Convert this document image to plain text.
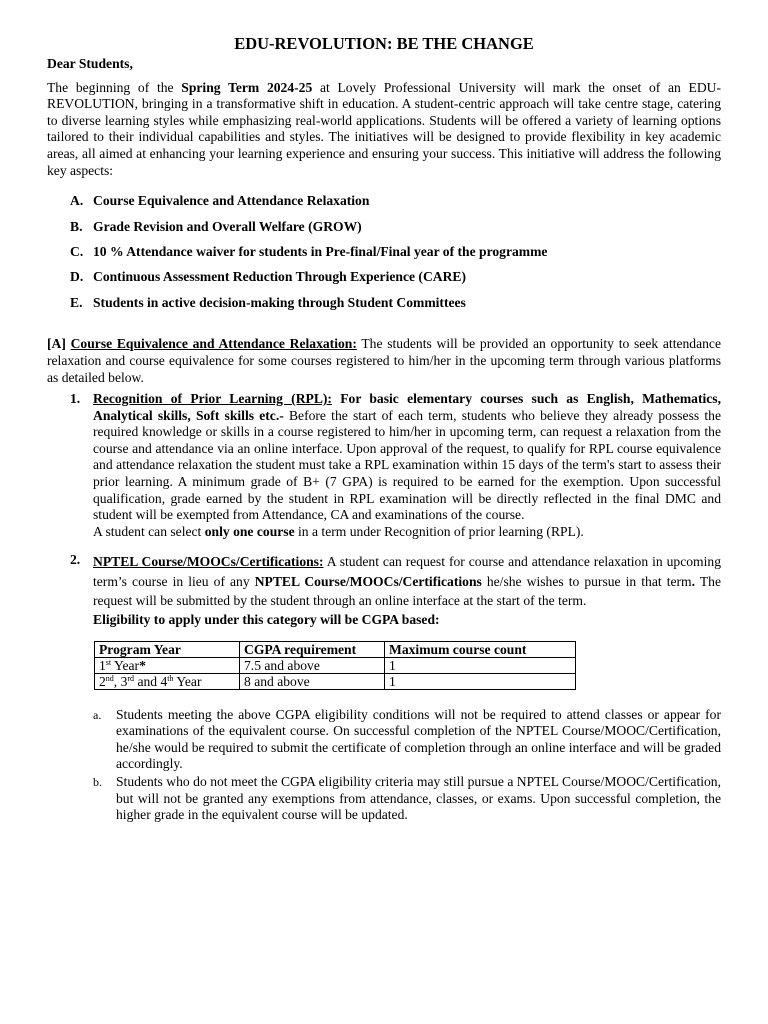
EDU-REVOLUTION: BE THE CHANGE
Dear Students,

The beginning of the Spring Term 2024-25 at Lovely Professional University will mark the onset of an EDU-REVOLUTION, bringing in a transformative shift in education. A student-centric approach will take centre stage, catering to diverse learning styles while emphasizing real-world applications. Students will be offered a variety of learning options tailored to their individual capabilities and styles. The initiatives will be designed to provide flexibility in key academic areas, all aimed at enhancing your learning experience and ensuring your success. This initiative will address the following key aspects:

A. Course Equivalence and Attendance Relaxation
B. Grade Revision and Overall Welfare (GROW)
C. 10 % Attendance waiver for students in Pre-final/Final year of the programme
D. Continuous Assessment Reduction Through Experience (CARE)
E. Students in active decision-making through Student Committees

[A] Course Equivalence and Attendance Relaxation: The students will be provided an opportunity to seek attendance relaxation and course equivalence for some courses registered to him/her in the upcoming term through various platforms as detailed below.

1. Recognition of Prior Learning (RPL): For basic elementary courses such as English, Mathematics, Analytical skills, Soft skills etc.- Before the start of each term, students who believe they already possess the required knowledge or skills in a course registered to him/her in upcoming term, can request a relaxation from the course and attendance via an online interface. Upon approval of the request, to qualify for RPL course equivalence and attendance relaxation the student must take a RPL examination within 15 days of the term's start to assess their prior learning. A minimum grade of B+ (7 GPA) is required to be earned for the exemption. Upon successful qualification, grade earned by the student in RPL examination will be directly reflected in the final DMC and student will be exempted from Attendance, CA and examinations of the course.

A student can select only one course in a term under Recognition of prior learning (RPL).

2. NPTEL Course/MOOCs/Certifications: A student can request for course and attendance relaxation in upcoming term’s course in lieu of any NPTEL Course/MOOCs/Certifications he/she wishes to pursue in that term. The request will be submitted by the student through an online interface at the start of the term.

Eligibility to apply under this category will be CGPA based:
Program Year	CGPA requirement	Maximum course count
1st Year*	7.5 and above	1
2nd, 3rd and 4th Year	8 and above	1
a.	Students meeting the above CGPA eligibility conditions will not be required to attend classes or appear for examinations of the equivalent course. On successful completion of the NPTEL Course/MOOC/Certification, he/she would be required to submit the certificate of completion through an online interface and will be graded accordingly.

b.	Students who do not meet the CGPA eligibility criteria may still pursue a NPTEL Course/MOOC/Certification, but will not be granted any exemptions from attendance, classes, or exams. Upon successful completion, the higher grade in the equivalent course will be updated.
